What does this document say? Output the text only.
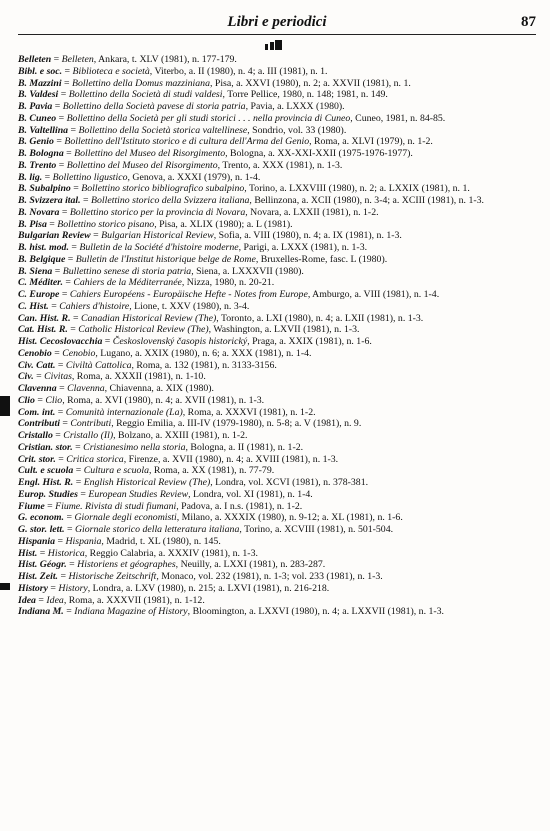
Libri e periodici	87

Belleten = Belleten, Ankara, t. XLV (1981), n. 177-179.

Bibl. e soc. = Biblioteca e società, Viterbo, a. II (1980), n. 4; a. III (1981), n. 1.

B. Mazzini = Bollettino della Domus mazziniana, Pisa, a. XXVI (1980), n. 2; a. XXVII (1981), n. 1.

B. Valdesi = Bollettino della Società di studi valdesi, Torre Pellice, 1980, n. 148; 1981, n. 149.

B. Pavia = Bollettino della Società pavese di storia patria, Pavia, a. LXXX (1980).

B. Cuneo = Bollettino della Società per gli studi storici . . . nella provincia di Cuneo, Cuneo, 1981, n. 84-85.

B. Valtellina = Bollettino della Società storica valtellinese, Sondrio, vol. 33 (1980).

B. Genio = Bollettino dell'Istituto storico e di cultura dell'Arma del Genio, Roma, a. XLVI (1979), n. 1-2.

B. Bologna = Bollettino del Museo del Risorgimento, Bologna, a. XX-XXI-XXII (1975-1976-1977).

B. Trento = Bollettino del Museo del Risorgimento, Trento, a. XXX (1981), n. 1-3.

B. lig. = Bollettino ligustico, Genova, a. XXXI (1979), n. 1-4.

B. Subalpino = Bollettino storico bibliografico subalpino, Torino, a. LXXVIII (1980), n. 2; a. LXXIX (1981), n. 1.

B. Svizzera ital. = Bollettino storico della Svizzera italiana, Bellinzona, a. XCII (1980), n. 3-4; a. XCIII (1981), n. 1-3.

B. Novara = Bollettino storico per la provincia di Novara, Novara, a. LXXII (1981), n. 1-2.

B. Pisa = Bollettino storico pisano, Pisa, a. XLIX (1980); a. L (1981).

Bulgarian Review = Bulgarian Historical Review, Sofia, a. VIII (1980), n. 4; a. IX (1981), n. 1-3.

B. hist. mod. = Bulletin de la Société d'histoire moderne, Parigi, a. LXXX (1981), n. 1-3.

B. Belgique = Bulletin de l'Institut historique belge de Rome, Bruxelles-Rome, fasc. L (1980).

B. Siena = Bullettino senese di storia patria, Siena, a. LXXXVII (1980).

C. Méditer. = Cahiers de la Méditerranée, Nizza, 1980, n. 20-21.

C. Europe = Cahiers Européens - Europäische Hefte - Notes from Europe, Amburgo, a. VIII (1981), n. 1-4.

C. Hist. = Cahiers d'histoire, Lione, t. XXV (1980), n. 3-4.

Can. Hist. R. = Canadian Historical Review (The), Toronto, a. LXI (1980), n. 4; a. LXII (1981), n. 1-3.

Cat. Hist. R. = Catholic Historical Review (The), Washington, a. LXVII (1981), n. 1-3.

Hist. Cecoslovacchia = Československý časopis historický, Praga, a. XXIX (1981), n. 1-6.

Cenobio = Cenobio, Lugano, a. XXIX (1980), n. 6; a. XXX (1981), n. 1-4.

Civ. Catt. = Civiltà Cattolica, Roma, a. 132 (1981), n. 3133-3156.

Civ. = Civitas, Roma, a. XXXII (1981), n. 1-10.

Clavenna = Clavenna, Chiavenna, a. XIX (1980).

Clio = Clio, Roma, a. XVI (1980), n. 4; a. XVII (1981), n. 1-3.

Com. int. = Comunità internazionale (La), Roma, a. XXXVI (1981), n. 1-2.

Contributi = Contributi, Reggio Emilia, a. III-IV (1979-1980), n. 5-8; a. V (1981), n. 9.

Cristallo = Cristallo (Il), Bolzano, a. XXIII (1981), n. 1-2.

Cristian. stor. = Cristianesimo nella storia, Bologna, a. II (1981), n. 1-2.

Crit. stor. = Critica storica, Firenze, a. XVII (1980), n. 4; a. XVIII (1981), n. 1-3.

Cult. e scuola = Cultura e scuola, Roma, a. XX (1981), n. 77-79.

Engl. Hist. R. = English Historical Review (The), Londra, vol. XCVI (1981), n. 378-381.

Europ. Studies = European Studies Review, Londra, vol. XI (1981), n. 1-4.

Fiume = Fiume. Rivista di studi fiumani, Padova, a. I n.s. (1981), n. 1-2.

G. econom. = Giornale degli economisti, Milano, a. XXXIX (1980), n. 9-12; a. XL (1981), n. 1-6.

G. stor. lett. = Giornale storico della letteratura italiana, Torino, a. XCVIII (1981), n. 501-504.

Hispania = Hispania, Madrid, t. XL (1980), n. 145.

Hist. = Historica, Reggio Calabria, a. XXXIV (1981), n. 1-3.

Hist. Géogr. = Historiens et géographes, Neuilly, a. LXXI (1981), n. 283-287.

Hist. Zeit. = Historische Zeitschrift, Monaco, vol. 232 (1981), n. 1-3; vol. 233 (1981), n. 1-3.

History = History, Londra, a. LXV (1980), n. 215; a. LXVI (1981), n. 216-218.

Idea = Idea, Roma, a. XXXVII (1981), n. 1-12.

Indiana M. = Indiana Magazine of History, Bloomington, a. LXXVI (1980), n. 4; a. LXXVII (1981), n. 1-3.
